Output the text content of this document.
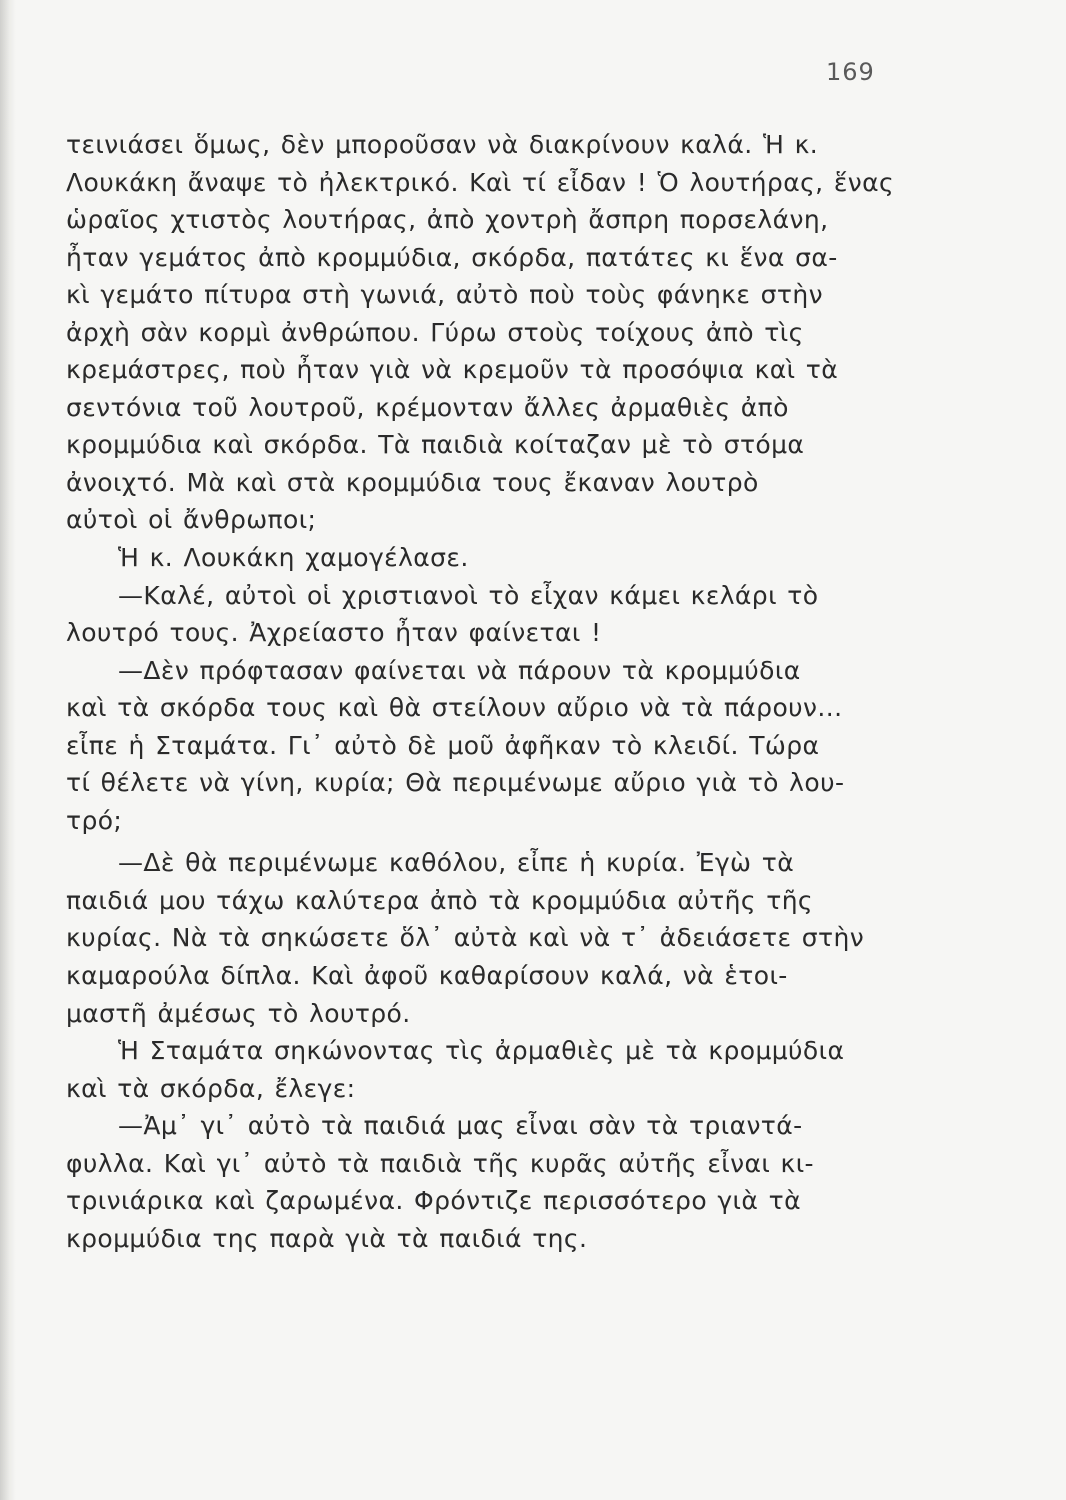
169
τεινιάσει ὅμως, δὲν μποροῦσαν νὰ διακρίνουν καλά. Ἡ κ.
Λουκάκη ἄναψε τὸ ἠλεκτρικό. Καὶ τί εἶδαν ! Ὁ λουτήρας, ἕνας
ὡραῖος χτιστὸς λουτήρας, ἀπὸ χοντρὴ ἄσπρη πορσελάνη,
ἦταν γεμάτος ἀπὸ κρομμύδια, σκόρδα, πατάτες κι ἕνα σα-
κὶ γεμάτο πίτυρα στὴ γωνιά, αὐτὸ ποὺ τοὺς φάνηκε στὴν
ἀρχὴ σὰν κορμὶ ἀνθρώπου. Γύρω στοὺς τοίχους ἀπὸ τὶς
κρεμάστρες, ποὺ ἦταν γιὰ νὰ κρεμοῦν τὰ προσόψια καὶ τὰ
σεντόνια τοῦ λουτροῦ, κρέμονταν ἄλλες ἀρμαθιὲς ἀπὸ
κρομμύδια καὶ σκόρδα. Τὰ παιδιὰ κοίταζαν μὲ τὸ στόμα
ἀνοιχτό. Μὰ καὶ στὰ κρομμύδια τους ἔκαναν λουτρὸ
αὐτοὶ οἱ ἄνθρωποι;
Ἡ κ. Λουκάκη χαμογέλασε.
—Καλέ, αὐτοὶ οἱ χριστιανοὶ τὸ εἶχαν κάμει κελάρι τὸ
λουτρό τους. Ἀχρείαστο ἦταν φαίνεται !
—Δὲν πρόφτασαν φαίνεται νὰ πάρουν τὰ κρομμύδια
καὶ τὰ σκόρδα τους καὶ θὰ στείλουν αὔριο νὰ τὰ πάρουν...
εἶπε ἡ Σταμάτα. Γι᾽ αὐτὸ δὲ μοῦ ἀφῆκαν τὸ κλειδί. Τώρα
τί θέλετε νὰ γίνη, κυρία; Θὰ περιμένωμε αὔριο γιὰ τὸ λου-
τρό;
—Δὲ θὰ περιμένωμε καθόλου, εἶπε ἡ κυρία. Ἐγὼ τὰ
παιδιά μου τάχω καλύτερα ἀπὸ τὰ κρομμύδια αὐτῆς τῆς
κυρίας. Νὰ τὰ σηκώσετε ὅλ᾽ αὐτὰ καὶ νὰ τ᾽ ἀδειάσετε στὴν
καμαρούλα δίπλα. Καὶ ἀφοῦ καθαρίσουν καλά, νὰ ἑτοι-
μαστῆ ἀμέσως τὸ λουτρό.
Ἡ Σταμάτα σηκώνοντας τὶς ἀρμαθιὲς μὲ τὰ κρομμύδια
καὶ τὰ σκόρδα, ἔλεγε:
—Ἀμ᾽ γι᾽ αὐτὸ τὰ παιδιά μας εἶναι σὰν τὰ τριαντά-
φυλλα. Καὶ γι᾽ αὐτὸ τὰ παιδιὰ τῆς κυρᾶς αὐτῆς εἶναι κι-
τρινιάρικα καὶ ζαρωμένα. Φρόντιζε περισσότερο γιὰ τὰ
κρομμύδια της παρὰ γιὰ τὰ παιδιά της.
